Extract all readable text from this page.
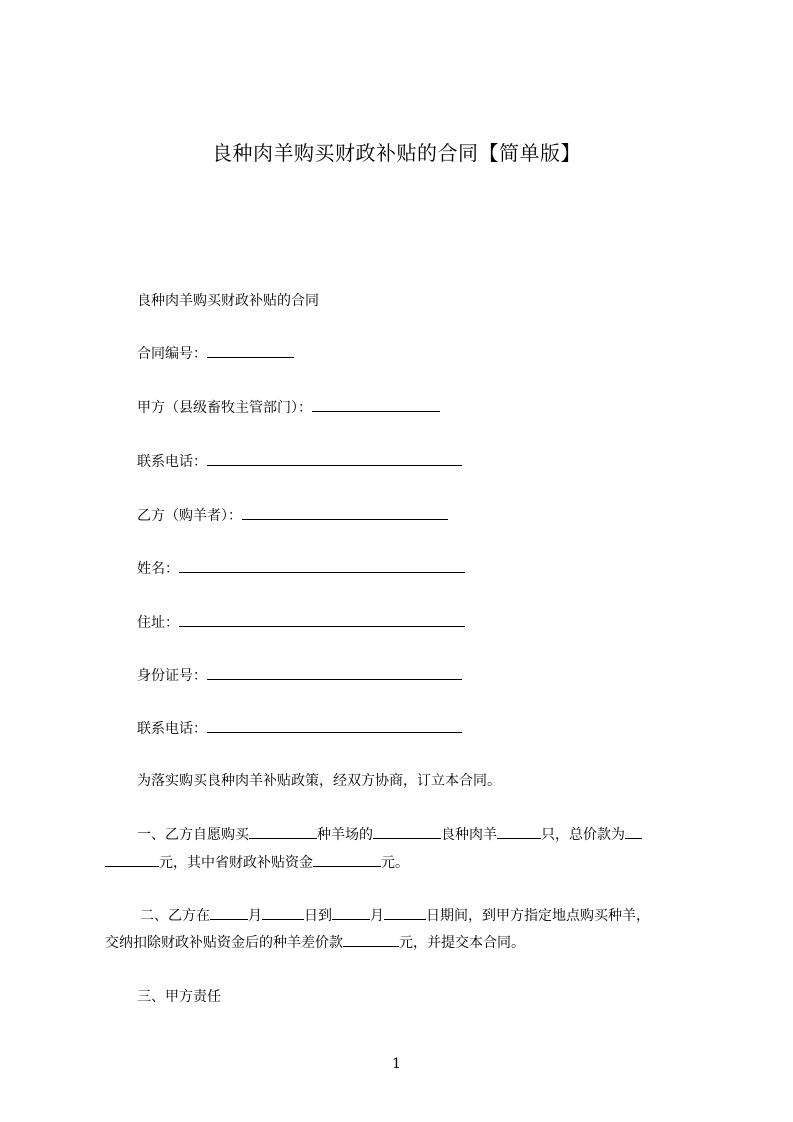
良种肉羊购买财政补贴的合同【简单版】
良种肉羊购买财政补贴的合同
合同编号：
甲方（县级畜牧主管部门）：
联系电话：
乙方（购羊者）：
姓名：
住址：
身份证号：
联系电话：
为落实购买良种肉羊补贴政策，经双方协商，订立本合同。
一、乙方自愿购买	种羊场的	良种肉羊	只，总价款为
元，其中省财政补贴资金	元。
二、乙方在	月	日到	月	日期间，到甲方指定地点购买种羊，
交纳扣除财政补贴资金后的种羊差价款	元，并提交本合同。
三、甲方责任
1
